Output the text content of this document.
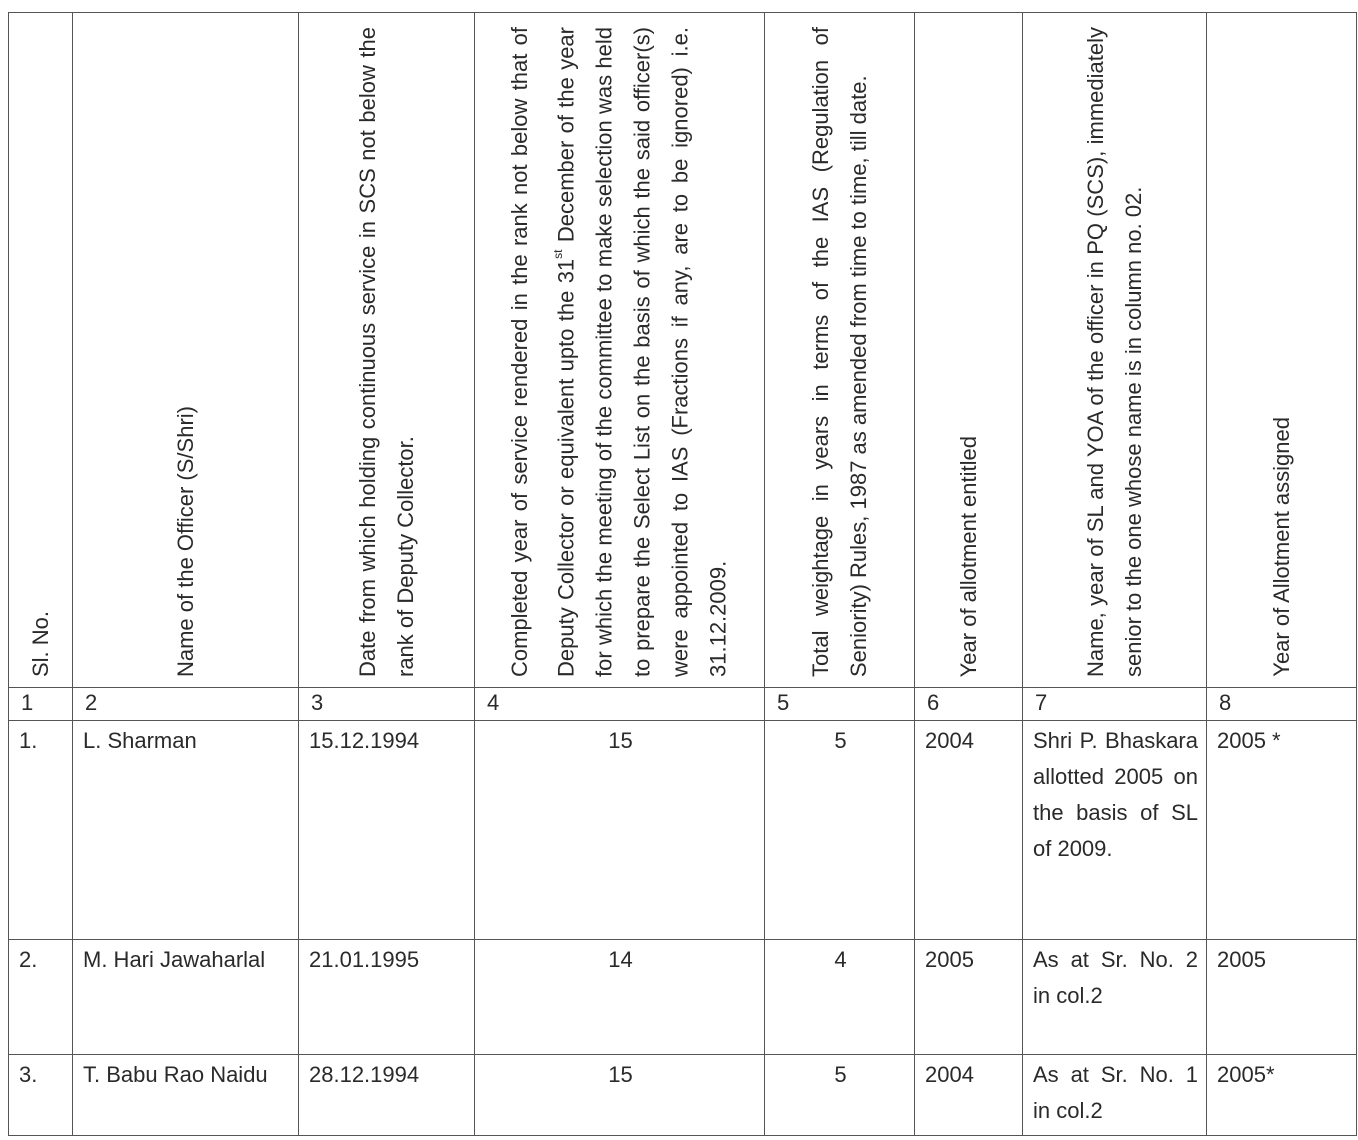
Sl. No.	Name of the Officer (S/Shri)	Date from which holding continuous service in SCS not below the rank of Deputy Collector.	Completed year of service rendered in the rank not below that of Deputy Collector or equivalent upto the 31st December of the year for which the meeting of the committee to make selection was held to prepare the Select List on the basis of which the said officer(s) were appointed to IAS (Fractions if any, are to be ignored) i.e. 31.12.2009.	Total weightage in years in terms of the IAS (Regulation of Seniority) Rules, 1987 as amended from time to time, till date.	Year of allotment entitled	Name, year of SL and YOA of the officer in PQ (SCS), immediately senior to the one whose name is in column no. 02.	Year of Allotment assigned

1	2	3	4	5	6	7	8
1.	L. Sharman	15.12.1994	15	5	2004	Shri P. Bhaskara allotted 2005 on the basis of SL of 2009.	2005 *
2.	M. Hari Jawaharlal	21.01.1995	14	4	2005	As at Sr. No. 2 in col.2	2005
3.	T. Babu Rao Naidu	28.12.1994	15	5	2004	As at Sr. No. 1 in col.2	2005*
